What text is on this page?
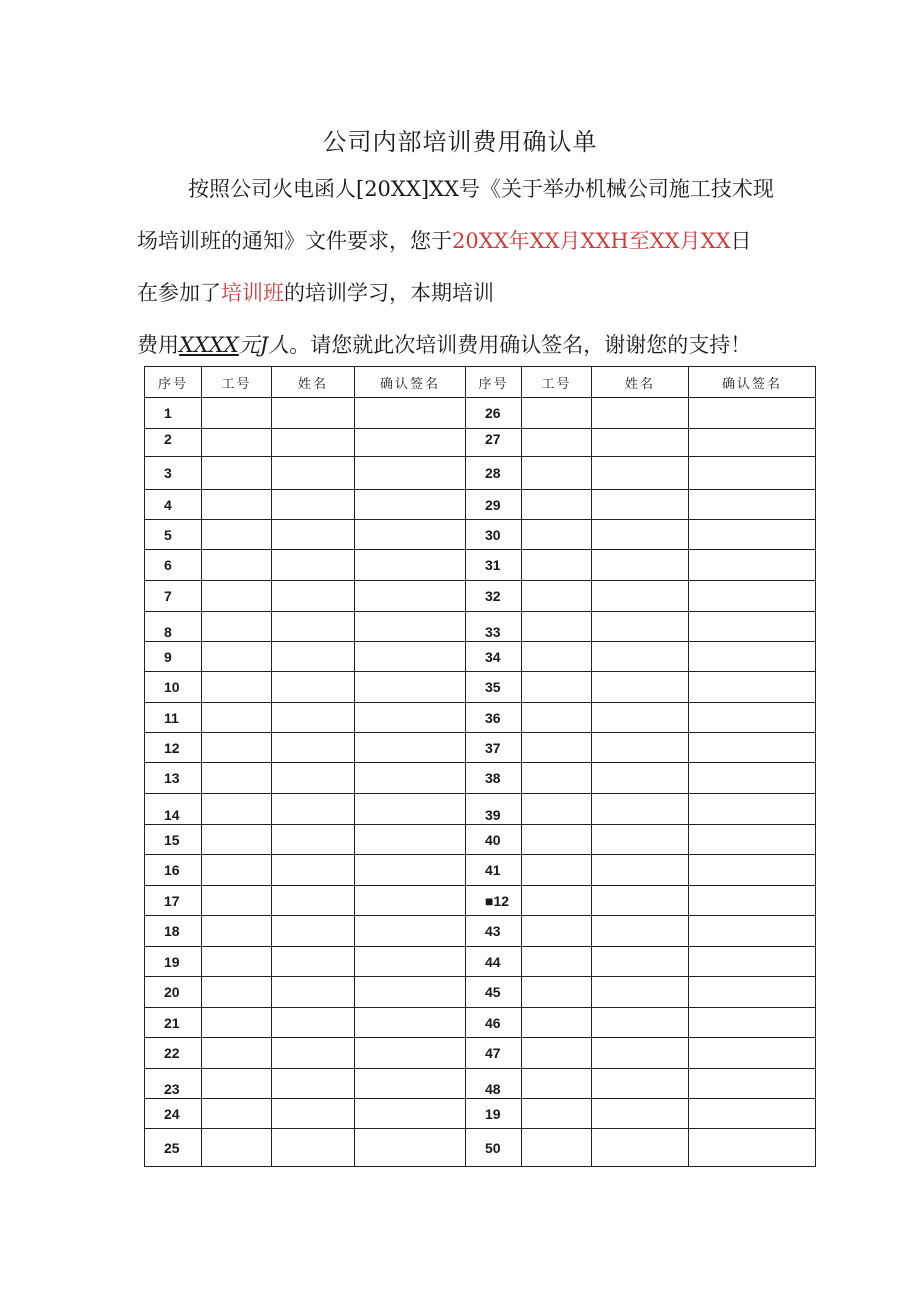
公司内部培训费用确认单
按照公司火电函人[20XX]XX号《关于举办机械公司施工技术现
场培训班的通知》文件要求，您于20XX年XX月XXH至XX月XX日
在参加了培训班的培训学习，本期培训
费用XXXX元J人。请您就此次培训费用确认签名，谢谢您的支持！
序号	工号	姓名	确认签名	序号	工号	姓名	确认签名
1				26			
2				27			
3				28			
4				29			
5				30			
6				31			
7				32			
8				33			
9				34			
10				35			
11				36			
12				37			
13				38			
14				39			
15				40			
16				41			
17				■12			
18				43			
19				44			
20				45			
21				46			
22				47			
23				48			
24				19			
25				50			
